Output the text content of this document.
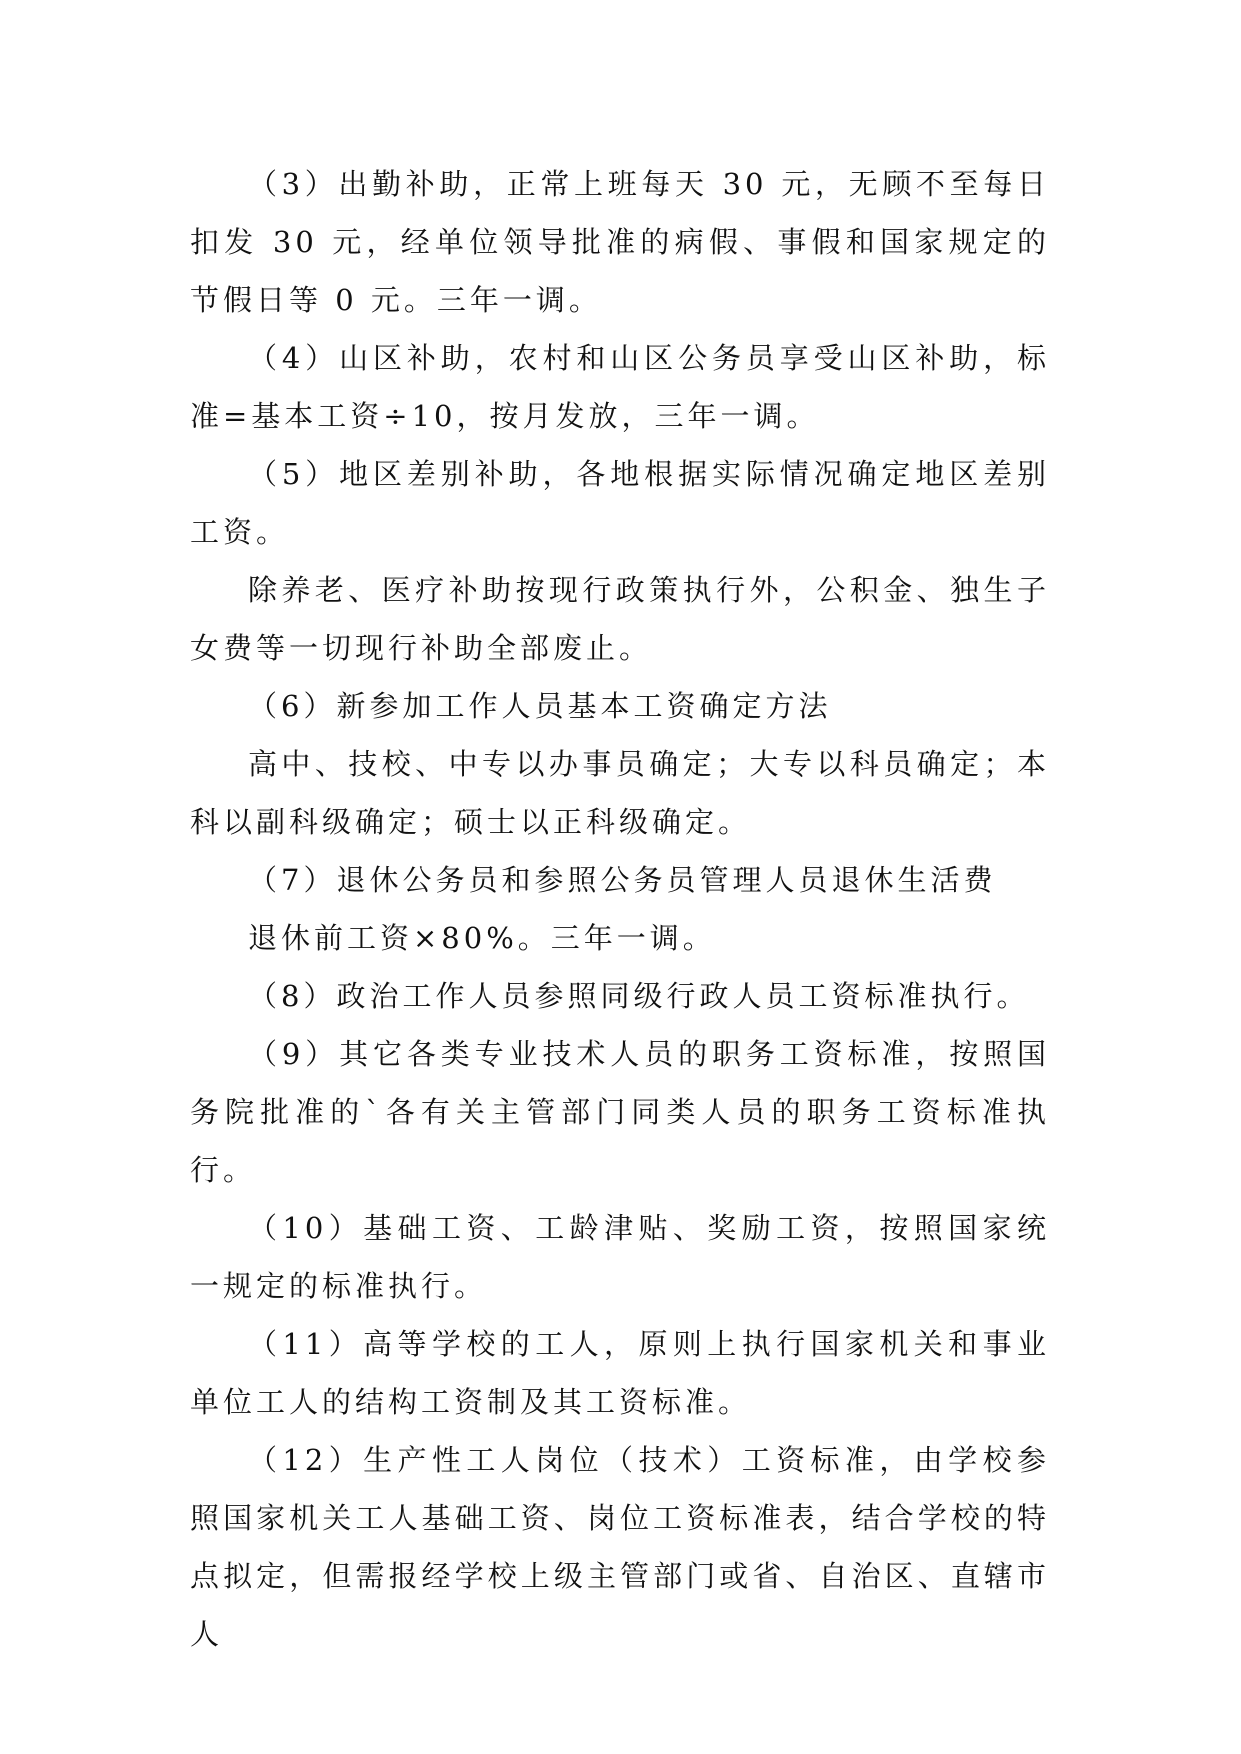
（3）出勤补助，正常上班每天 30 元，无顾不至每日扣发 30 元，经单位领导批准的病假、事假和国家规定的节假日等 0 元。三年一调。

（4）山区补助，农村和山区公务员享受山区补助，标准=基本工资÷10，按月发放，三年一调。

（5）地区差别补助，各地根据实际情况确定地区差别工资。

除养老、医疗补助按现行政策执行外，公积金、独生子女费等一切现行补助全部废止。

（6）新参加工作人员基本工资确定方法

高中、技校、中专以办事员确定；大专以科员确定；本科以副科级确定；硕士以正科级确定。

（7）退休公务员和参照公务员管理人员退休生活费

退休前工资×80%。三年一调。

（8）政治工作人员参照同级行政人员工资标准执行。

（9）其它各类专业技术人员的职务工资标准，按照国务院批准的`各有关主管部门同类人员的职务工资标准执行。

（10）基础工资、工龄津贴、奖励工资，按照国家统一规定的标准执行。

（11）高等学校的工人，原则上执行国家机关和事业单位工人的结构工资制及其工资标准。

（12）生产性工人岗位（技术）工资标准，由学校参照国家机关工人基础工资、岗位工资标准表，结合学校的特点拟定，但需报经学校上级主管部门或省、自治区、直辖市人
